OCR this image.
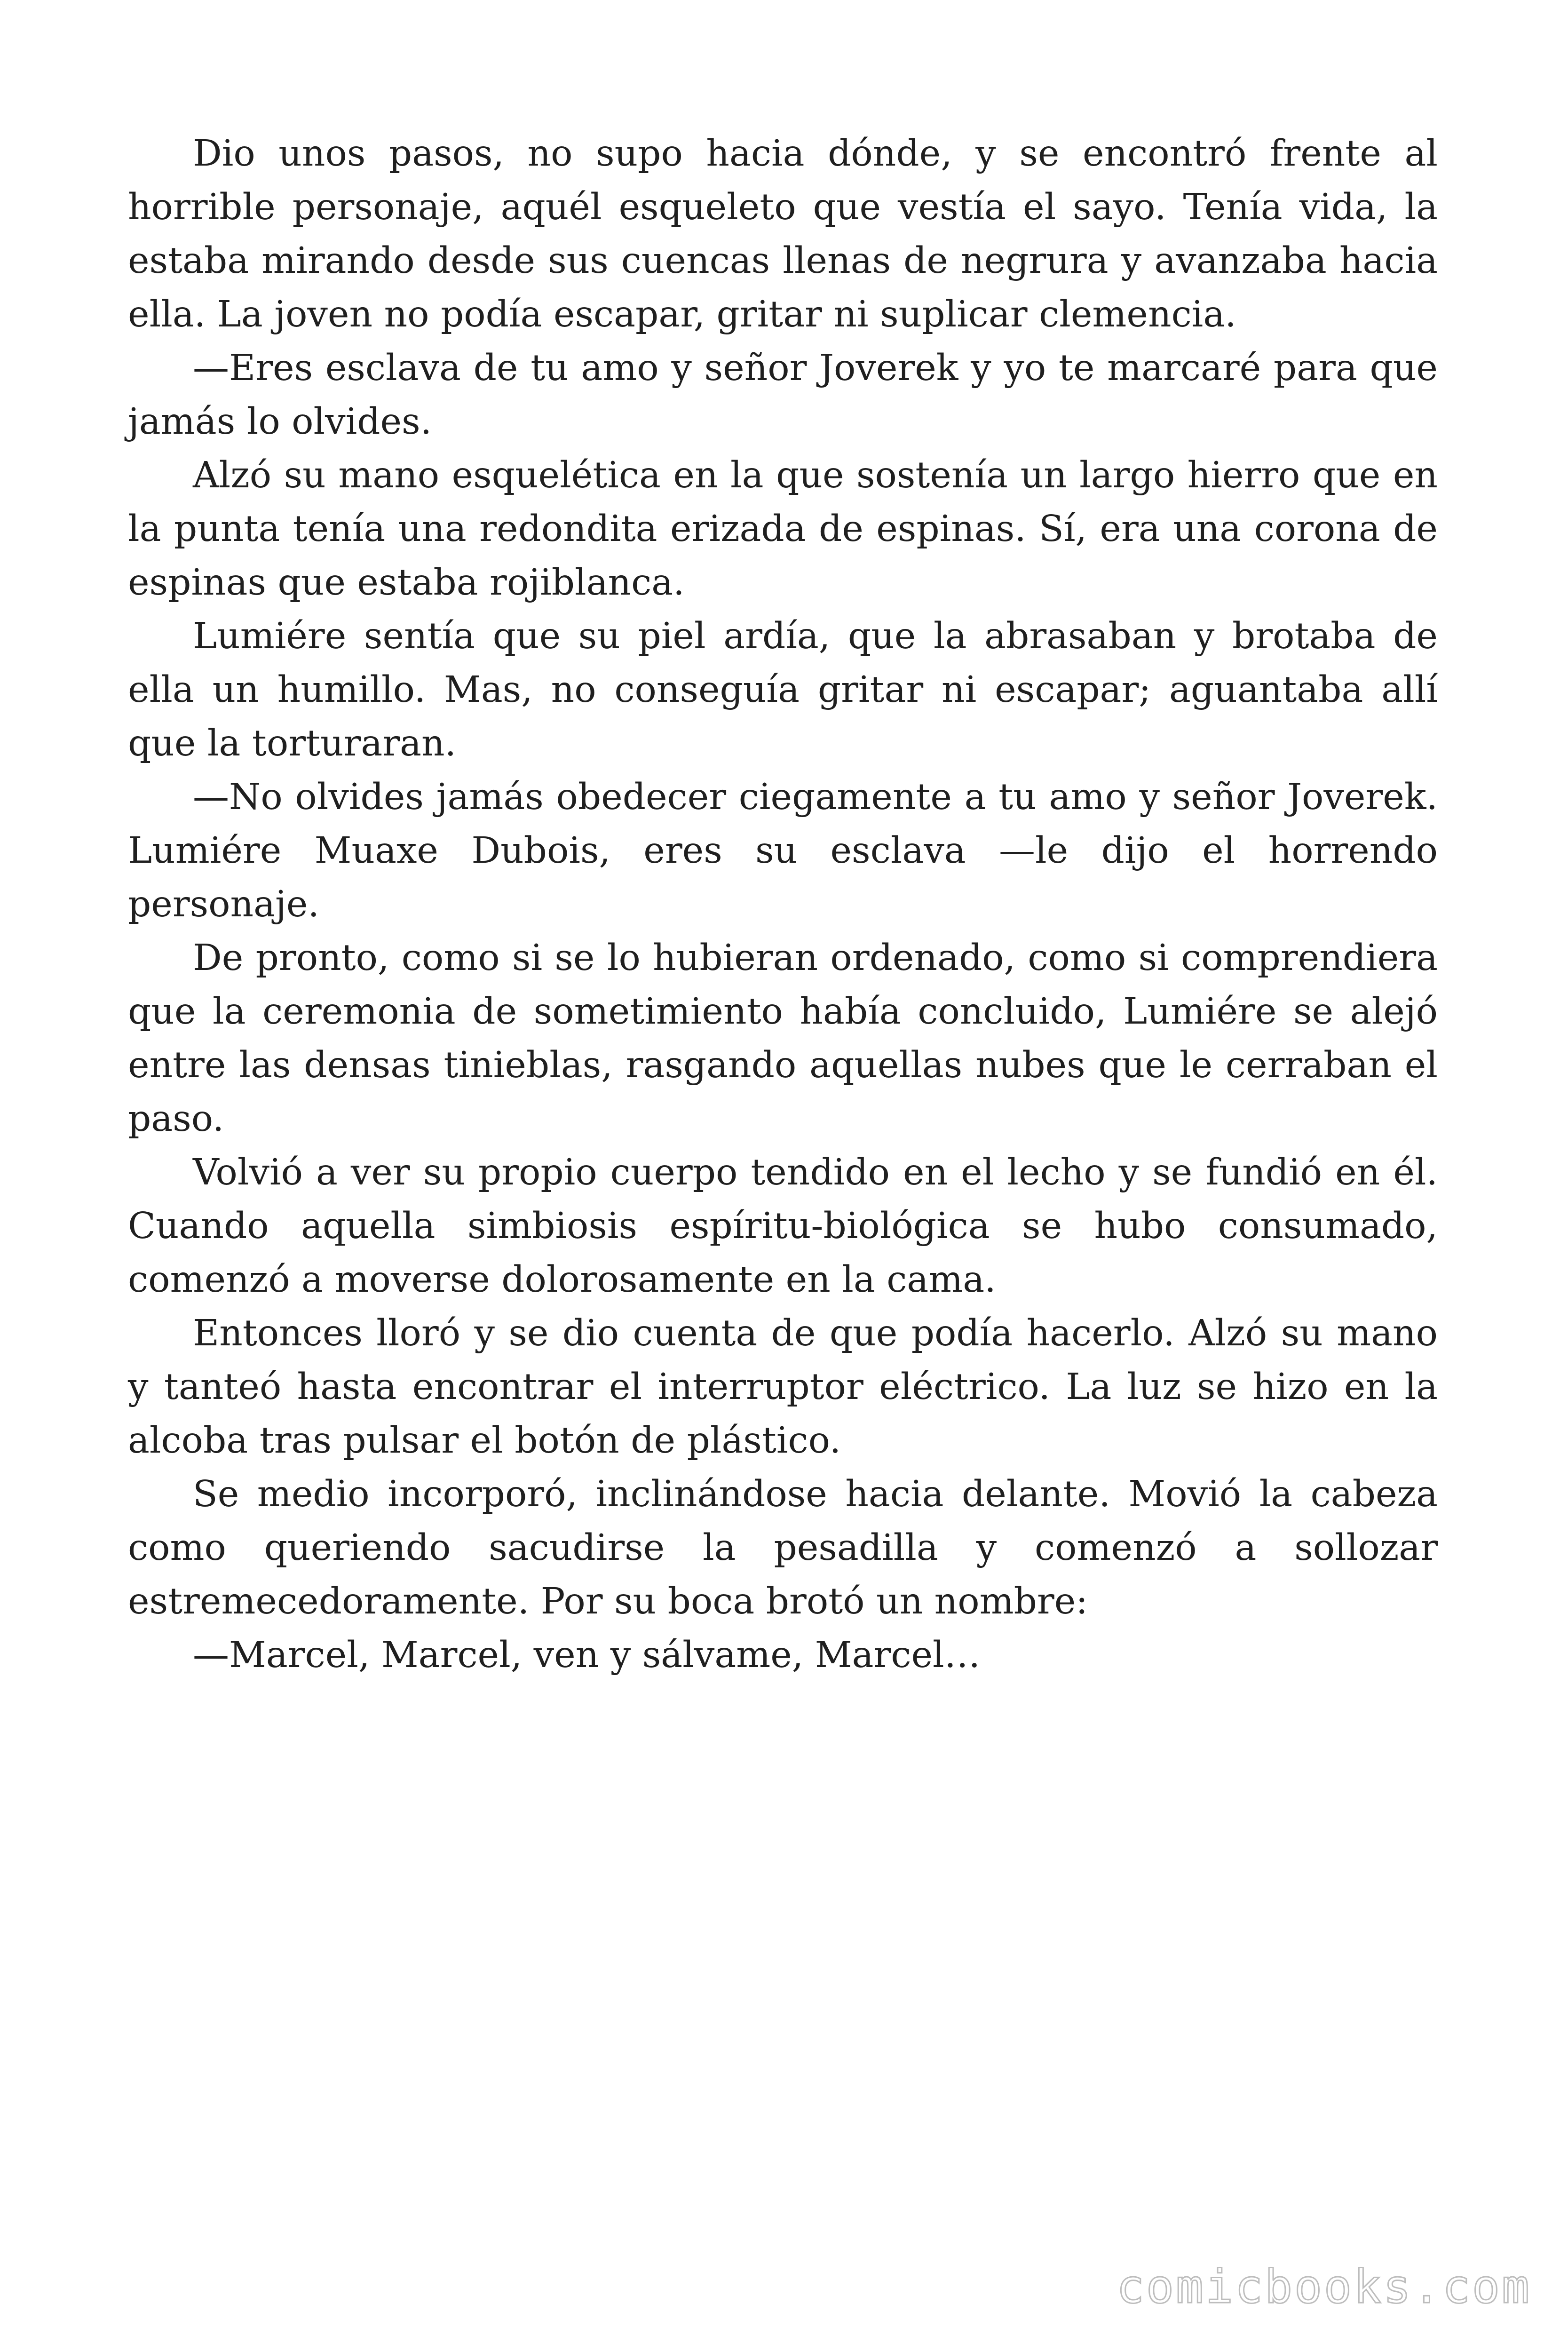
Dio unos pasos, no supo hacia dónde, y se encontró frente al horrible personaje, aquél esqueleto que vestía el sayo. Tenía vida, la estaba mirando desde sus cuencas llenas de negrura y avanzaba hacia ella. La joven no podía escapar, gritar ni suplicar clemencia.

—Eres esclava de tu amo y señor Joverek y yo te marcaré para que jamás lo olvides.

Alzó su mano esquelética en la que sostenía un largo hierro que en la punta tenía una redondita erizada de espinas. Sí, era una corona de espinas que estaba rojiblanca.

Lumiére sentía que su piel ardía, que la abrasaban y brotaba de ella un humillo. Mas, no conseguía gritar ni escapar; aguantaba allí que la torturaran.

—No olvides jamás obedecer ciegamente a tu amo y señor Joverek. Lumiére Muaxe Dubois, eres su esclava —le dijo el horrendo personaje.

De pronto, como si se lo hubieran ordenado, como si comprendiera que la ceremonia de sometimiento había concluido, Lumiére se alejó entre las densas tinieblas, rasgando aquellas nubes que le cerraban el paso.

Volvió a ver su propio cuerpo tendido en el lecho y se fundió en él. Cuando aquella simbiosis espíritu-biológica se hubo consumado, comenzó a moverse dolorosamente en la cama.

Entonces lloró y se dio cuenta de que podía hacerlo. Alzó su mano y tanteó hasta encontrar el interruptor eléctrico. La luz se hizo en la alcoba tras pulsar el botón de plástico.

Se medio incorporó, inclinándose hacia delante. Movió la cabeza como queriendo sacudirse la pesadilla y comenzó a sollozar estremecedoramente. Por su boca brotó un nombre:

—Marcel, Marcel, ven y sálvame, Marcel…

comicbooks.com
